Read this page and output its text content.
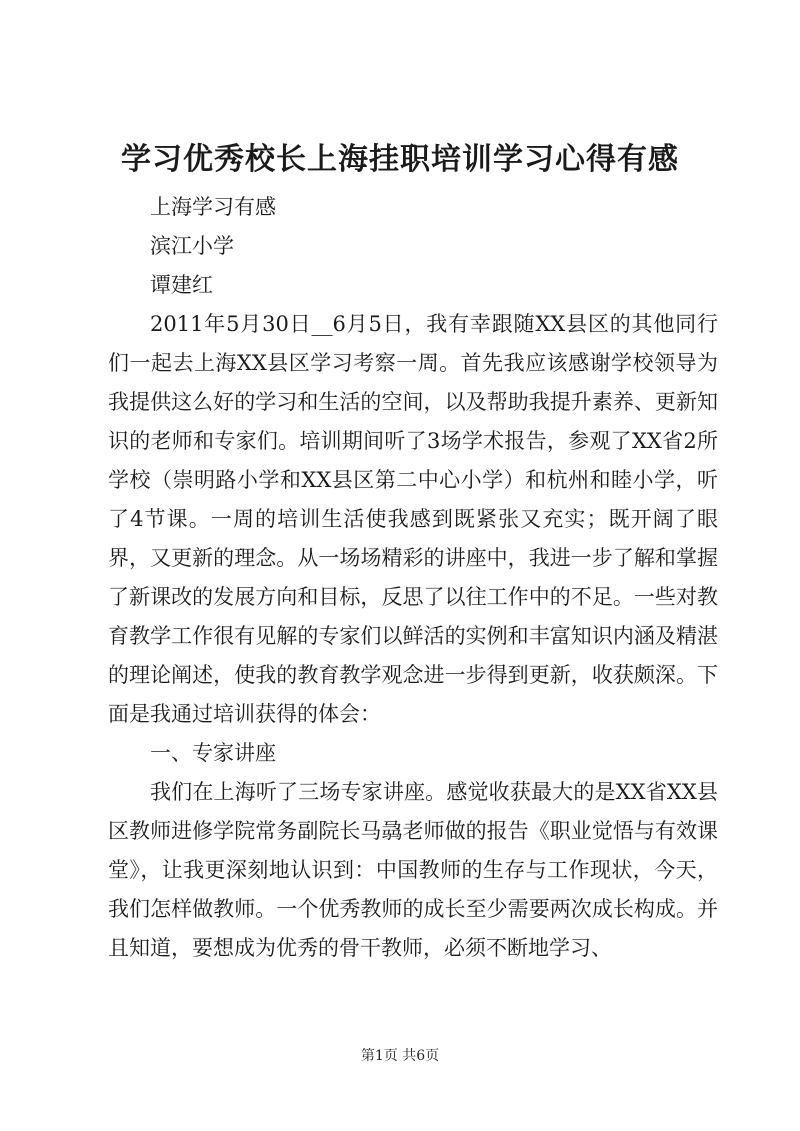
学习优秀校长上海挂职培训学习心得有感

上海学习有感

滨江小学

谭建红

2011年5月30日__6月5日，我有幸跟随XX县区的其他同行们一起去上海XX县区学习考察一周。首先我应该感谢学校领导为我提供这么好的学习和生活的空间，以及帮助我提升素养、更新知识的老师和专家们。培训期间听了3场学术报告，参观了XX省2所学校（崇明路小学和XX县区第二中心小学）和杭州和睦小学，听了4节课。一周的培训生活使我感到既紧张又充实；既开阔了眼界，又更新的理念。从一场场精彩的讲座中，我进一步了解和掌握了新课改的发展方向和目标，反思了以往工作中的不足。一些对教育教学工作很有见解的专家们以鲜活的实例和丰富知识内涵及精湛的理论阐述，使我的教育教学观念进一步得到更新，收获颇深。下面是我通过培训获得的体会：

一、专家讲座

我们在上海听了三场专家讲座。感觉收获最大的是XX省XX县区教师进修学院常务副院长马骉老师做的报告《职业觉悟与有效课堂》，让我更深刻地认识到：中国教师的生存与工作现状，今天，我们怎样做教师。一个优秀教师的成长至少需要两次成长构成。并且知道，要想成为优秀的骨干教师，必须不断地学习、

第1页 共6页
